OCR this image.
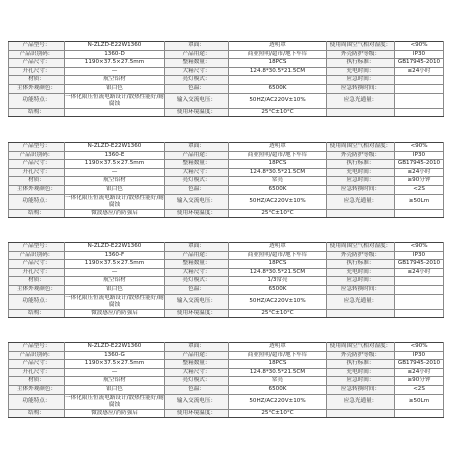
产品型号：	N-ZLZD-E22W1360	罩面：	透明罩	使用周围空气相对湿度：	<90%
产品识别码：	1360-D	产品用途：	商业照明/超市/地下车库	外壳防护等级：	IP30
产品尺寸：	1190×37.5×27.5mm	整箱数量：	18PCS	执行标准：	GB17945-2010
开孔尺寸：	—	大箱尺寸：	124.8*30.5*21.5CM	充电时间：	≤24小时
材质：	航空铝材	亮灯模式：		应急时间：	
主体外观颜色：	银白色	色温：	6500K	应急转换时间：	
功能特点：	一体化限压恒流电路设计/散热性能好/耐腐蚀	输入交流电压：	50HZ/AC220V±10%	应急光通量：	
结构：		使用环境温度：	25°C±10°C		
产品型号：	N-ZLZD-E22W1360	罩面：	透明罩	使用周围空气相对湿度：	<90%
产品识别码：	1360-E	产品用途：	商业照明/超市/地下车库	外壳防护等级：	IP30
产品尺寸：	1190×37.5×27.5mm	整箱数量：	18PCS	执行标准：	GB17945-2010
开孔尺寸：	—	大箱尺寸：	124.8*30.5*21.5CM	充电时间：	≤24小时
材质：	航空铝材	亮灯模式：	常亮	应急时间：	≥90分钟
主体外观颜色：	银白色	色温：	6500K	应急转换时间：	<2S
功能特点：	一体化限压恒流电路设计/散热性能好/耐腐蚀	输入交流电压：	50HZ/AC220V±10%	应急光通量：	≥50Lm
结构：	微波感应/消防强启	使用环境温度：	25°C±10°C		
产品型号：	N-ZLZD-E22W1360	罩面：	透明罩	使用周围空气相对湿度：	<90%
产品识别码：	1360-F	产品用途：	商业照明/超市/地下车库	外壳防护等级：	IP30
产品尺寸：	1190×37.5×27.5mm	整箱数量：	18PCS	执行标准：	GB17945-2010
开孔尺寸：	—	大箱尺寸：	124.8*30.5*21.5CM	充电时间：	≤24小时
材质：	航空铝材	亮灯模式：	1/3常亮	应急时间：	
主体外观颜色：	银白色	色温：	6500K	应急转换时间：	
功能特点：	一体化限压恒流电路设计/散热性能好/耐腐蚀	输入交流电压：	50HZ/AC220V±10%	应急光通量：	
结构：	微波感应/消防强启	使用环境温度：	25°C±10°C		
产品型号：	N-ZLZD-E22W1360	罩面：	透明罩	使用周围空气相对湿度：	<90%
产品识别码：	1360-G	产品用途：	商业照明/超市/地下车库	外壳防护等级：	IP30
产品尺寸：	1190×37.5×27.5mm	整箱数量：	18PCS	执行标准：	GB17945-2010
开孔尺寸：	—	大箱尺寸：	124.8*30.5*21.5CM	充电时间：	≤24小时
材质：	航空铝材	亮灯模式：	常亮	应急时间：	≥90分钟
主体外观颜色：	银白色	色温：	6500K	应急转换时间：	<2S
功能特点：	一体化限压恒流电路设计/散热性能好/耐腐蚀	输入交流电压：	50HZ/AC220V±10%	应急光通量：	≥50Lm
结构：	微波感应/消防强启	使用环境温度：	25°C±10°C		
